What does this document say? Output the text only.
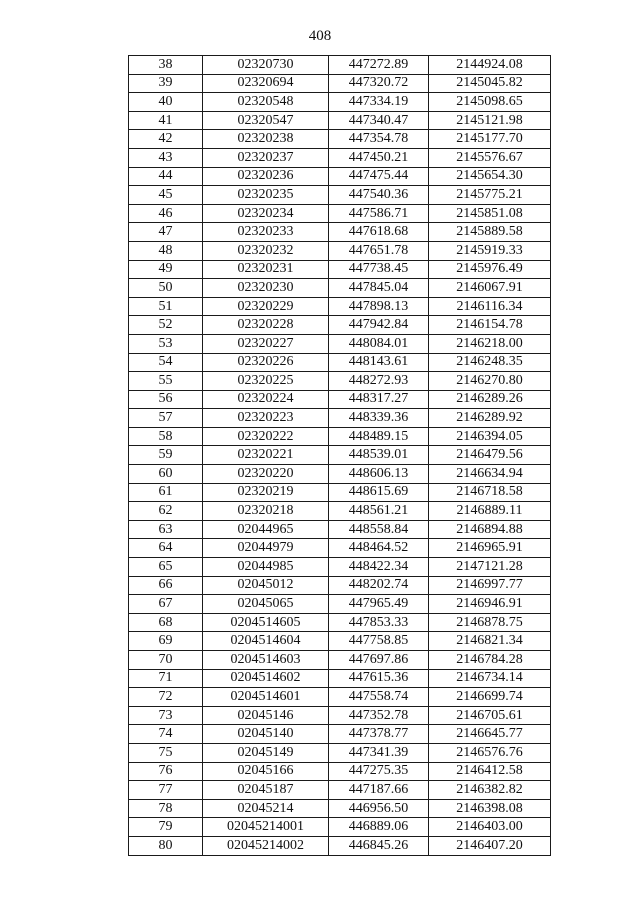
408
38	02320730	447272.89	2144924.08
39	02320694	447320.72	2145045.82
40	02320548	447334.19	2145098.65
41	02320547	447340.47	2145121.98
42	02320238	447354.78	2145177.70
43	02320237	447450.21	2145576.67
44	02320236	447475.44	2145654.30
45	02320235	447540.36	2145775.21
46	02320234	447586.71	2145851.08
47	02320233	447618.68	2145889.58
48	02320232	447651.78	2145919.33
49	02320231	447738.45	2145976.49
50	02320230	447845.04	2146067.91
51	02320229	447898.13	2146116.34
52	02320228	447942.84	2146154.78
53	02320227	448084.01	2146218.00
54	02320226	448143.61	2146248.35
55	02320225	448272.93	2146270.80
56	02320224	448317.27	2146289.26
57	02320223	448339.36	2146289.92
58	02320222	448489.15	2146394.05
59	02320221	448539.01	2146479.56
60	02320220	448606.13	2146634.94
61	02320219	448615.69	2146718.58
62	02320218	448561.21	2146889.11
63	02044965	448558.84	2146894.88
64	02044979	448464.52	2146965.91
65	02044985	448422.34	2147121.28
66	02045012	448202.74	2146997.77
67	02045065	447965.49	2146946.91
68	0204514605	447853.33	2146878.75
69	0204514604	447758.85	2146821.34
70	0204514603	447697.86	2146784.28
71	0204514602	447615.36	2146734.14
72	0204514601	447558.74	2146699.74
73	02045146	447352.78	2146705.61
74	02045140	447378.77	2146645.77
75	02045149	447341.39	2146576.76
76	02045166	447275.35	2146412.58
77	02045187	447187.66	2146382.82
78	02045214	446956.50	2146398.08
79	02045214001	446889.06	2146403.00
80	02045214002	446845.26	2146407.20
